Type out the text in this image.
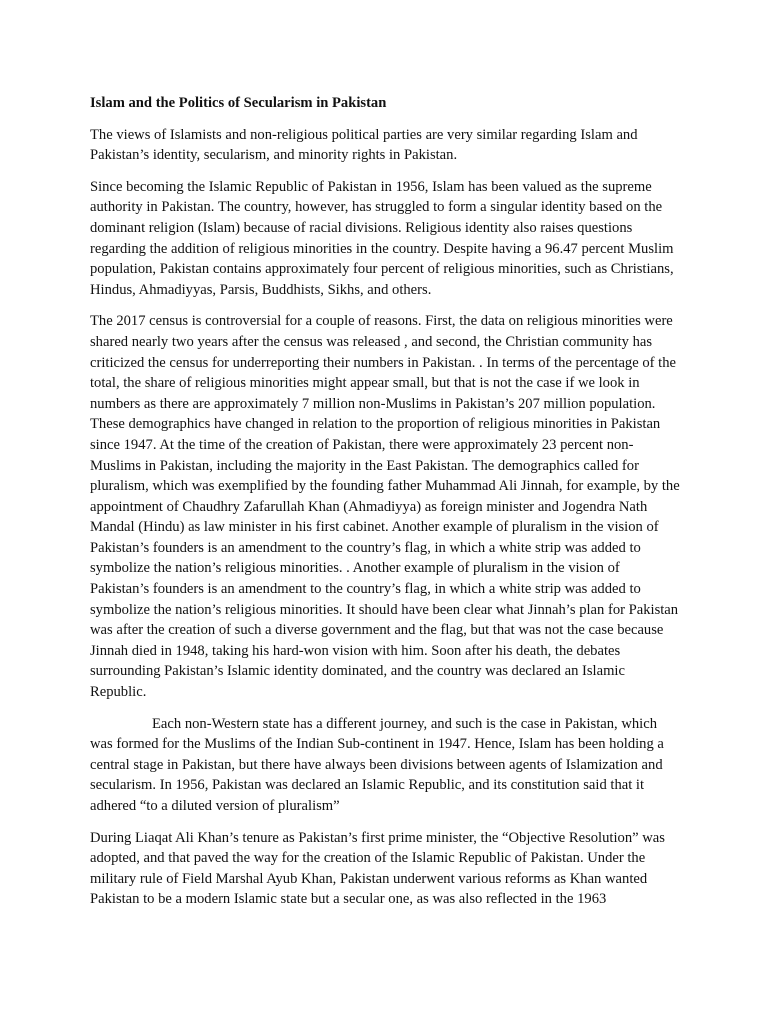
Islam and the Politics of Secularism in Pakistan

The views of Islamists and non-religious political parties are very similar regarding Islam and Pakistan’s identity, secularism, and minority rights in Pakistan.

Since becoming the Islamic Republic of Pakistan in 1956, Islam has been valued as the supreme authority in Pakistan. The country, however, has struggled to form a singular identity based on the dominant religion (Islam) because of racial divisions. Religious identity also raises questions regarding the addition of religious minorities in the country. Despite having a 96.47 percent Muslim population, Pakistan contains approximately four percent of religious minorities, such as Christians, Hindus, Ahmadiyyas, Parsis, Buddhists, Sikhs, and others.

The 2017 census is controversial for a couple of reasons. First, the data on religious minorities were shared nearly two years after the census was released , and second, the Christian community has criticized the census for underreporting their numbers in Pakistan. . In terms of the percentage of the total, the share of religious minorities might appear small, but that is not the case if we look in numbers as there are approximately 7 million non-Muslims in Pakistan’s 207 million population. These demographics have changed in relation to the proportion of religious minorities in Pakistan since 1947. At the time of the creation of Pakistan, there were approximately 23 percent non-Muslims in Pakistan, including the majority in the East Pakistan. The demographics called for pluralism, which was exemplified by the founding father Muhammad Ali Jinnah, for example, by the appointment of Chaudhry Zafarullah Khan (Ahmadiyya) as foreign minister and Jogendra Nath Mandal (Hindu) as law minister in his first cabinet. Another example of pluralism in the vision of Pakistan’s founders is an amendment to the country’s flag, in which a white strip was added to symbolize the nation’s religious minorities. . Another example of pluralism in the vision of Pakistan’s founders is an amendment to the country’s flag, in which a white strip was added to symbolize the nation’s religious minorities. It should have been clear what Jinnah’s plan for Pakistan was after the creation of such a diverse government and the flag, but that was not the case because Jinnah died in 1948, taking his hard-won vision with him. Soon after his death, the debates surrounding Pakistan’s Islamic identity dominated, and the country was declared an Islamic Republic.

Each non-Western state has a different journey, and such is the case in Pakistan, which was formed for the Muslims of the Indian Sub-continent in 1947. Hence, Islam has been holding a central stage in Pakistan, but there have always been divisions between agents of Islamization and secularism. In 1956, Pakistan was declared an Islamic Republic, and its constitution said that it adhered “to a diluted version of pluralism”

During Liaqat Ali Khan’s tenure as Pakistan’s first prime minister, the “Objective Resolution” was adopted, and that paved the way for the creation of the Islamic Republic of Pakistan. Under the military rule of Field Marshal Ayub Khan, Pakistan underwent various reforms as Khan wanted Pakistan to be a modern Islamic state but a secular one, as was also reflected in the 1963
